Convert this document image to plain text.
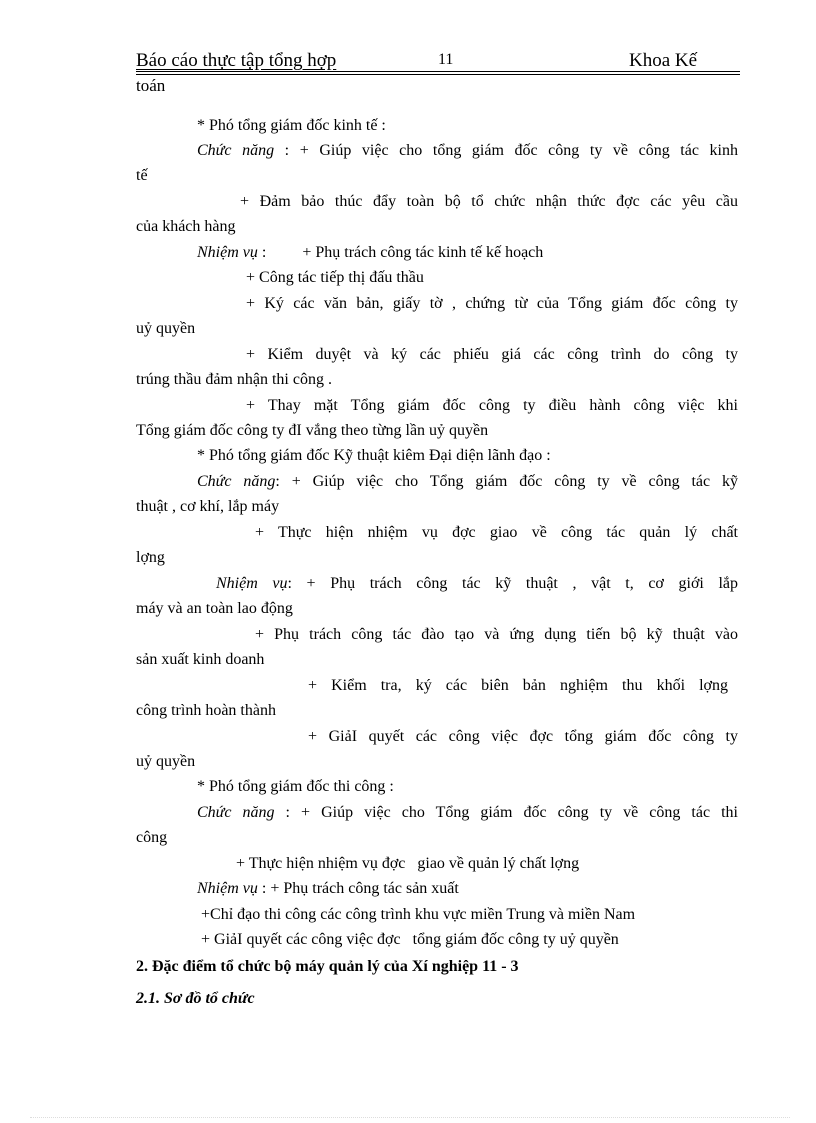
Báo cáo thực tập tổng hợp	11	Khoa Kế
toán
* Phó tổng giám đốc kinh tế :
Chức năng : + Giúp việc cho tổng giám đốc công ty về công tác kinh
tế
+ Đảm bảo thúc đẩy toàn bộ tổ chức nhận thức đợc các yêu cầu
của khách hàng
Nhiệm vụ :         + Phụ trách công tác kinh tế kế hoạch
+ Công tác tiếp thị đấu thầu
+ Ký các văn bản, giấy tờ , chứng từ của Tổng giám đốc công ty
uỷ quyền
+ Kiểm duyệt và ký các phiếu giá các công trình do công ty
trúng thầu đảm nhận thi công .
+ Thay mặt Tổng giám đốc công ty điều hành công việc khi
Tổng giám đốc công ty đI vắng theo từng lần uỷ quyền
* Phó tổng giám đốc Kỹ thuật kiêm Đại diện lãnh đạo :
Chức năng: + Giúp việc cho Tổng giám đốc công ty về công tác kỹ
thuật , cơ khí, lắp máy
+ Thực hiện nhiệm vụ đợc giao về công tác quản lý chất
lợng
Nhiệm vụ: + Phụ trách công tác kỹ thuật , vật t, cơ giới lắp
máy và an toàn lao động
+ Phụ trách công tác đào tạo và ứng dụng tiến bộ kỹ thuật vào
sản xuất kinh doanh
+ Kiểm tra, ký các biên bản nghiệm thu khối lợng
công trình hoàn thành
+ GiảI quyết các công việc đợc tổng giám đốc công ty
uỷ quyền
* Phó tổng giám đốc thi công :
Chức năng : + Giúp việc cho Tổng giám đốc công ty về công tác thi
công
+ Thực hiện nhiệm vụ đợc   giao về quản lý chất lợng
Nhiệm vụ : + Phụ trách công tác sản xuất
+Chỉ đạo thi công các công trình khu vực miền Trung và miền Nam
+ GiảI quyết các công việc đợc   tổng giám đốc công ty uỷ quyền
2. Đặc điểm tổ chức bộ máy quản lý của Xí nghiệp 11 - 3
2.1. Sơ đồ tổ chức
